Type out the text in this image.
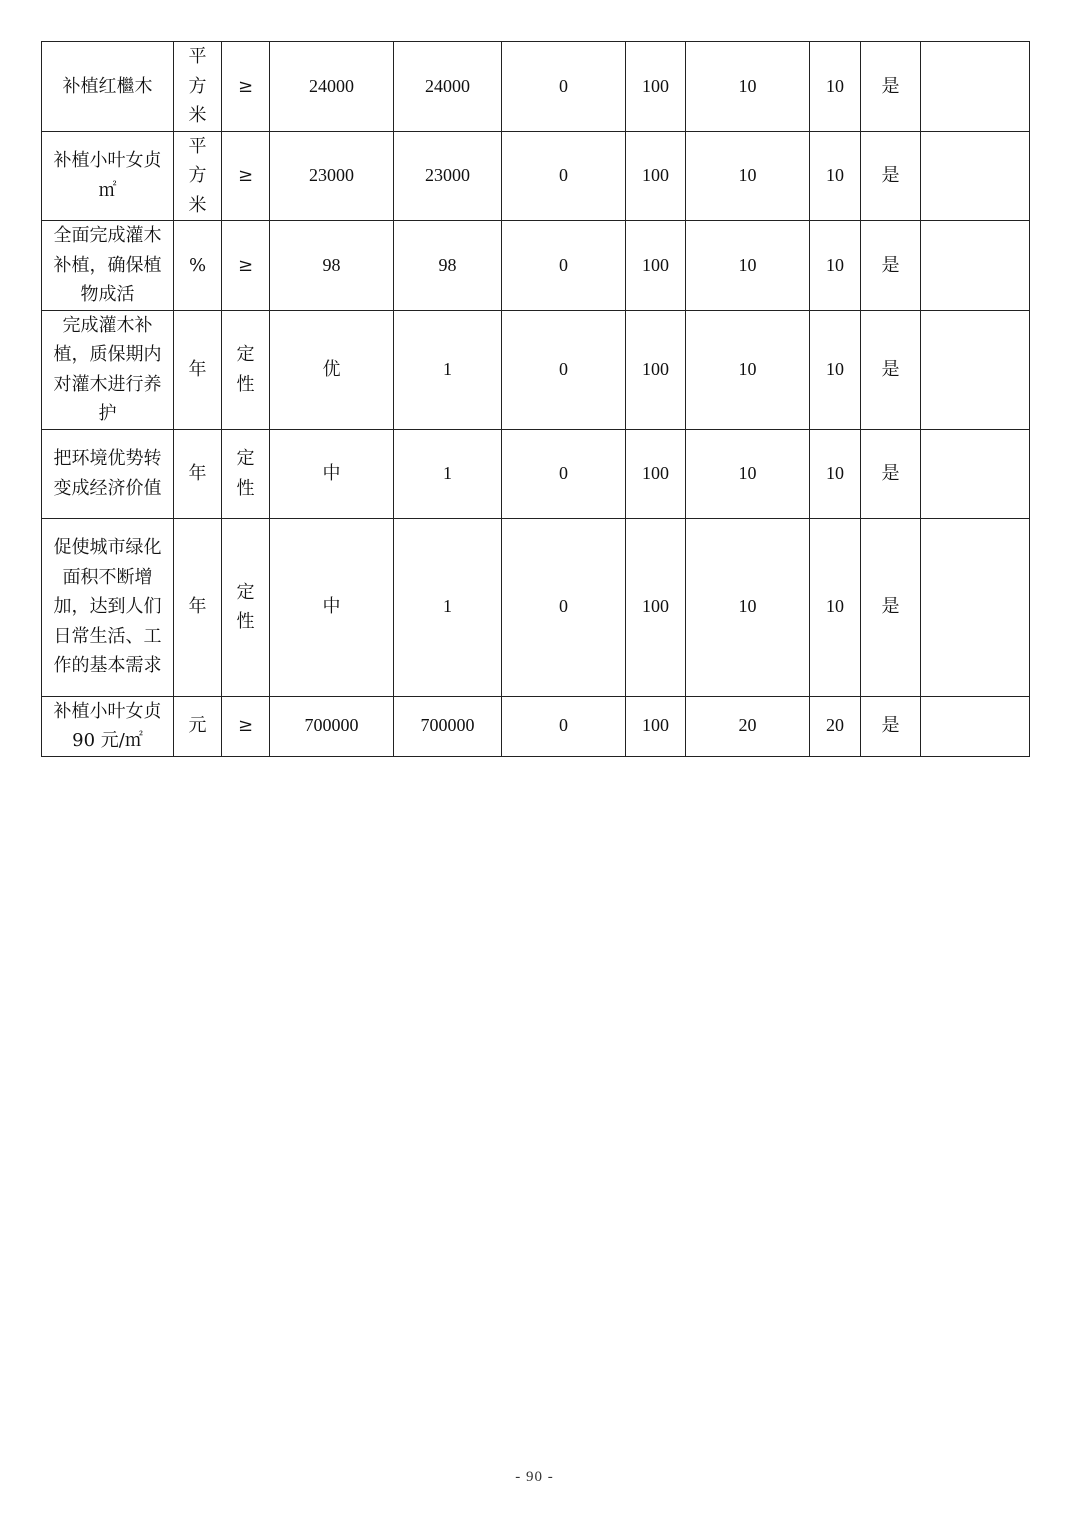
补植红檵木	平方米	≥	24000	24000	0	100	10	10	是	
补植小叶女贞㎡	平方米	≥	23000	23000	0	100	10	10	是	
全面完成灌木补植，确保植物成活	%	≥	98	98	0	100	10	10	是	
完成灌木补植，质保期内对灌木进行养护	年	定性	优	1	0	100	10	10	是	
把环境优势转变成经济价值	年	定性	中	1	0	100	10	10	是	
促使城市绿化面积不断增加，达到人们日常生活、工作的基本需求	年	定性	中	1	0	100	10	10	是	
补植小叶女贞 90 元/㎡	元	≥	700000	700000	0	100	20	20	是	
- 90 -
